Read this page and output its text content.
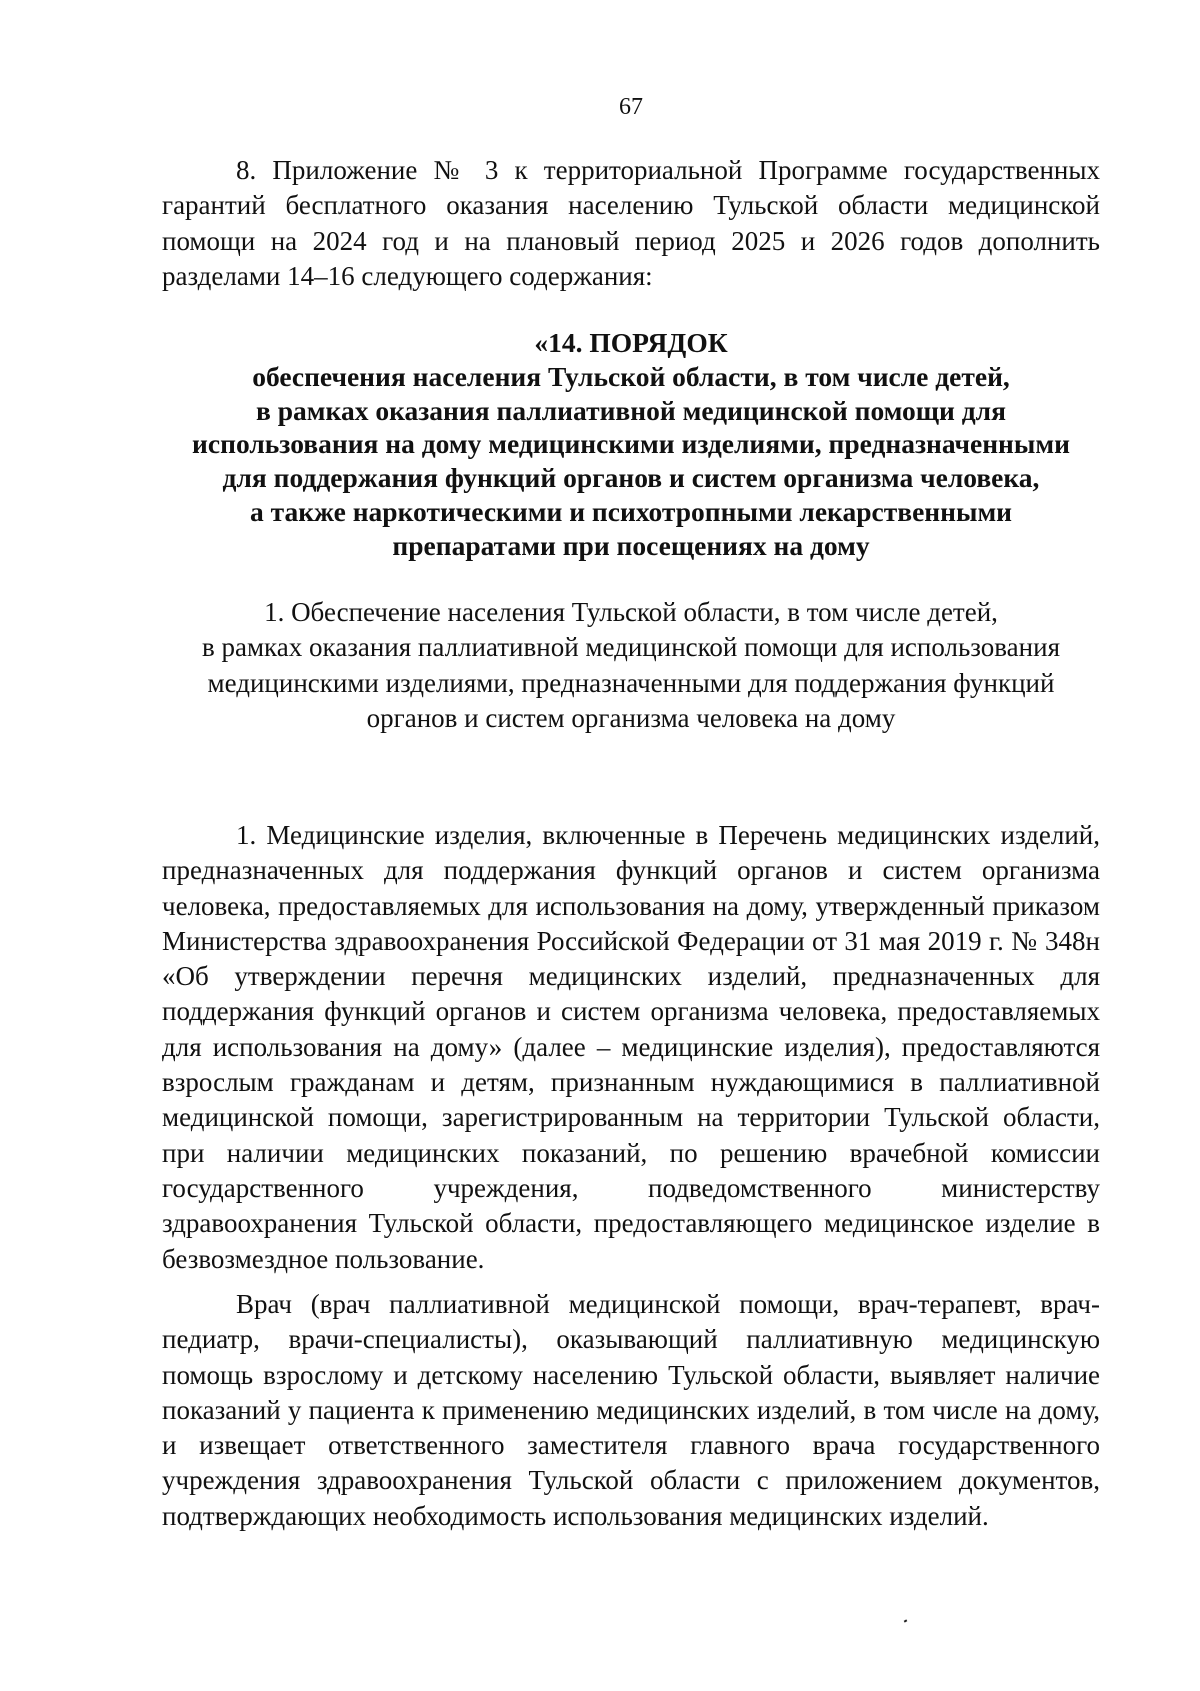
67

8. Приложение № 3 к территориальной Программе государственных гарантий бесплатного оказания населению Тульской области медицинской помощи на 2024 год и на плановый период 2025 и 2026 годов дополнить разделами 14–16 следующего содержания:

«14. ПОРЯДОК
обеспечения населения Тульской области, в том числе детей,
в рамках оказания паллиативной медицинской помощи для
использования на дому медицинскими изделиями, предназначенными
для поддержания функций органов и систем организма человека,
а также наркотическими и психотропными лекарственными
препаратами при посещениях на дому
1. Обеспечение населения Тульской области, в том числе детей,
в рамках оказания паллиативной медицинской помощи для использования
медицинскими изделиями, предназначенными для поддержания функций
органов и систем организма человека на дому

1. Медицинские изделия, включенные в Перечень медицинских изделий, предназначенных для поддержания функций органов и систем организма человека, предоставляемых для использования на дому, утвержденный приказом Министерства здравоохранения Российской Федерации от 31 мая 2019 г. № 348н «Об утверждении перечня медицинских изделий, предназначенных для поддержания функций органов и систем организма человека, предоставляемых для использования на дому» (далее – медицинские изделия), предоставляются взрослым гражданам и детям, признанным нуждающимися в паллиативной медицинской помощи, зарегистрированным на территории Тульской области, при наличии медицинских показаний, по решению врачебной комиссии государственного учреждения, подведомственного министерству здравоохранения Тульской области, предоставляющего медицинское изделие в безвозмездное пользование.

Врач (врач паллиативной медицинской помощи, врач-терапевт, врач-педиатр, врачи-специалисты), оказывающий паллиативную медицинскую помощь взрослому и детскому населению Тульской области, выявляет наличие показаний у пациента к применению медицинских изделий, в том числе на дому, и извещает ответственного заместителя главного врача государственного учреждения здравоохранения Тульской области с приложением документов, подтверждающих необходимость использования медицинских изделий.
